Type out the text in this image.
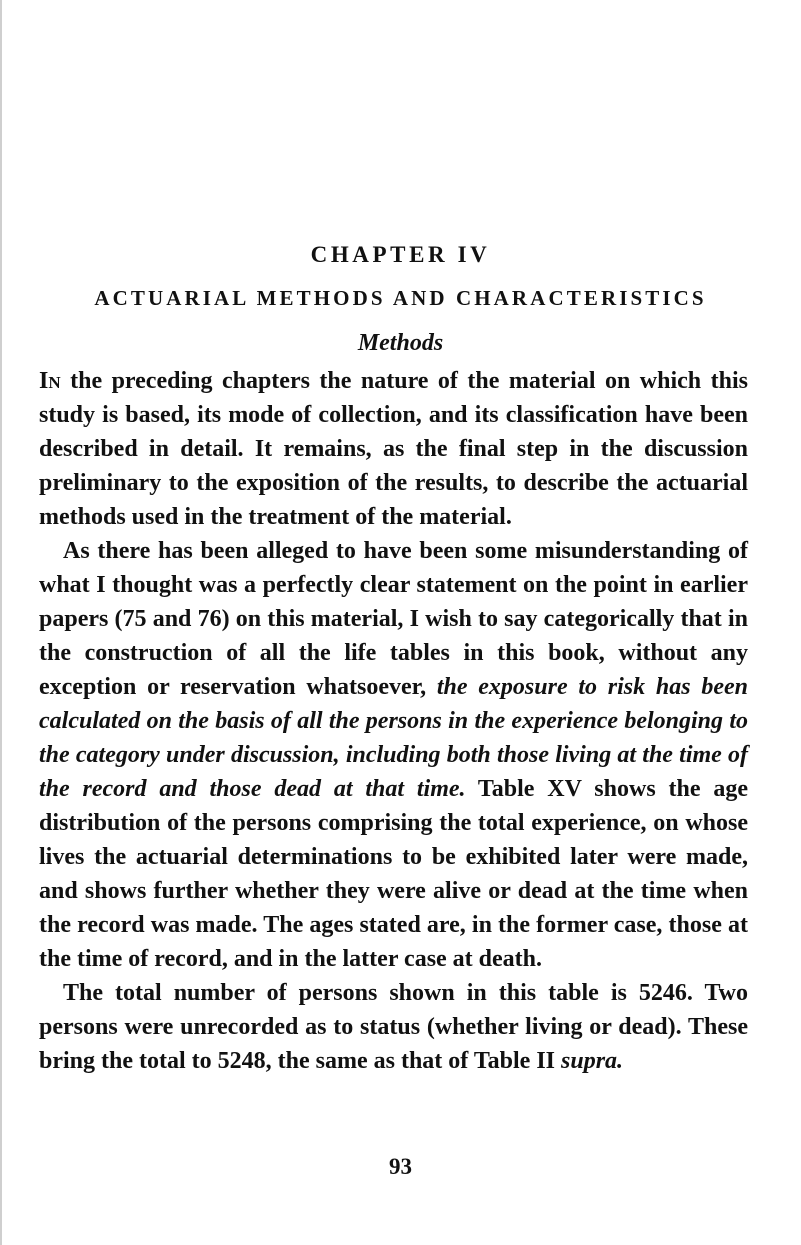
CHAPTER IV
ACTUARIAL METHODS AND CHARACTERISTICS
Methods

In the preceding chapters the nature of the material on which this study is based, its mode of collection, and its classification have been described in detail. It remains, as the final step in the discussion preliminary to the exposition of the results, to describe the actuarial methods used in the treatment of the material.

As there has been alleged to have been some misunderstanding of what I thought was a perfectly clear statement on the point in earlier papers (75 and 76) on this material, I wish to say categorically that in the construction of all the life tables in this book, without any exception or reservation whatsoever, the exposure to risk has been calculated on the basis of all the persons in the experience belonging to the category under discussion, including both those living at the time of the record and those dead at that time. Table XV shows the age distribution of the persons comprising the total experience, on whose lives the actuarial determinations to be exhibited later were made, and shows further whether they were alive or dead at the time when the record was made. The ages stated are, in the former case, those at the time of record, and in the latter case at death.

The total number of persons shown in this table is 5246. Two persons were unrecorded as to status (whether living or dead). These bring the total to 5248, the same as that of Table II supra.

93
